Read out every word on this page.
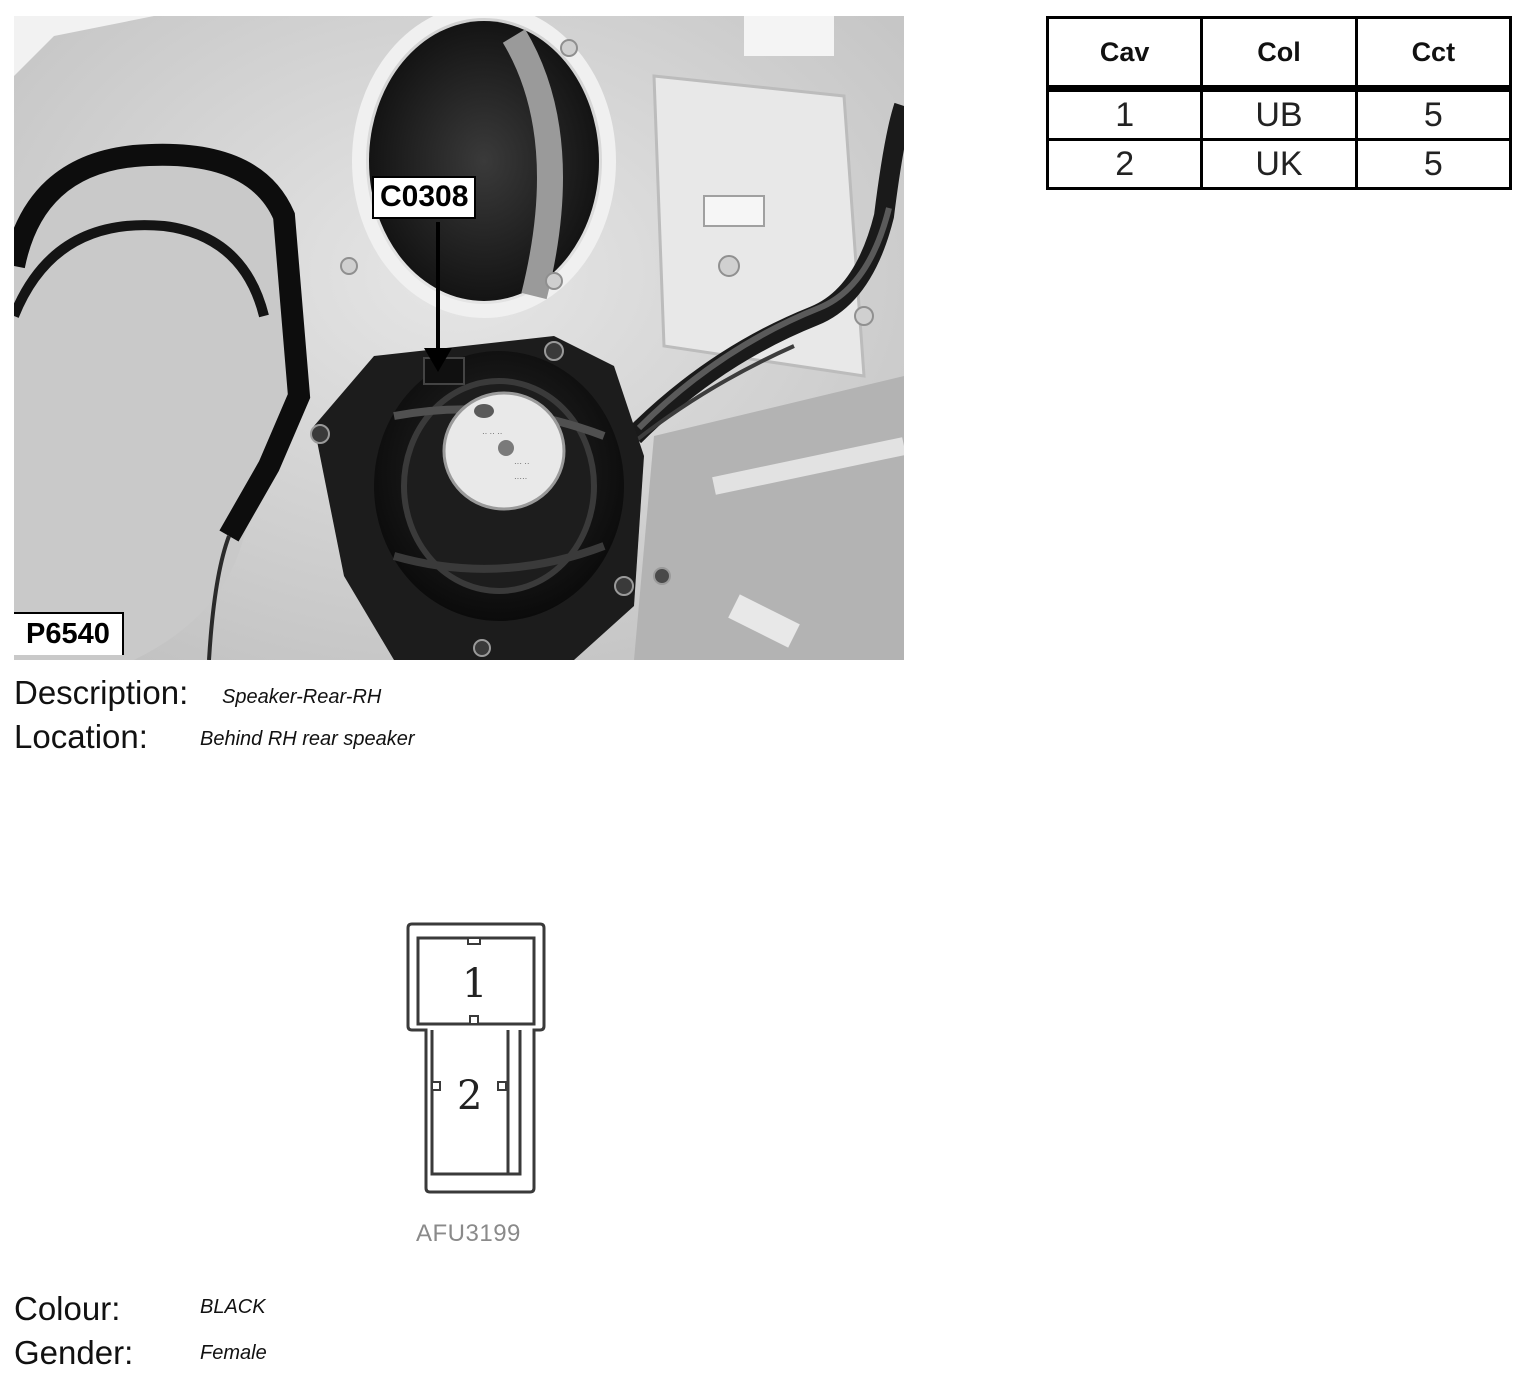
·· ·· ··
··· ··
·····
C0308
P6540
Description: Speaker-Rear-RH
Location:	Behind RH rear speaker
Cav	Col	Cct
1	UB	5
2	UK	5
1
2
AFU3199
Colour:	BLACK
Gender:	Female
